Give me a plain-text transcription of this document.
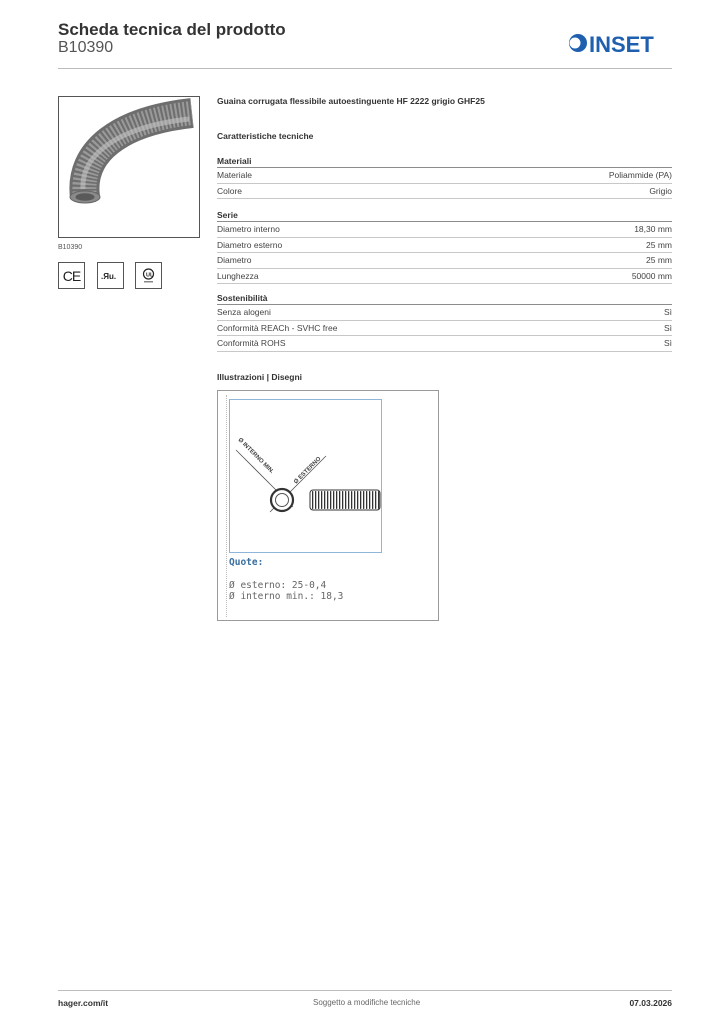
Scheda tecnica del prodotto
B10390	INSET
B10390
CE	.Яu.	UL
Guaina corrugata flessibile autoestinguente HF 2222 grigio GHF25
Caratteristiche tecniche
Materiali
Materiale	Poliammide (PA)
Colore	Grigio
Serie
Diametro interno	18,30 mm
Diametro esterno	25 mm
Diametro	25 mm
Lunghezza	50000 mm
Sostenibilità
Senza alogeni	Sì
Conformità REACh - SVHC free	Sì
Conformità ROHS	Sì
Illustrazioni | Disegni
Ø INTERNO MIN.	Ø ESTERNO
Quote:
Ø esterno: 25-0,4
Ø interno min.: 18,3
hager.com/it	Soggetto a modifiche tecniche	07.03.2026
